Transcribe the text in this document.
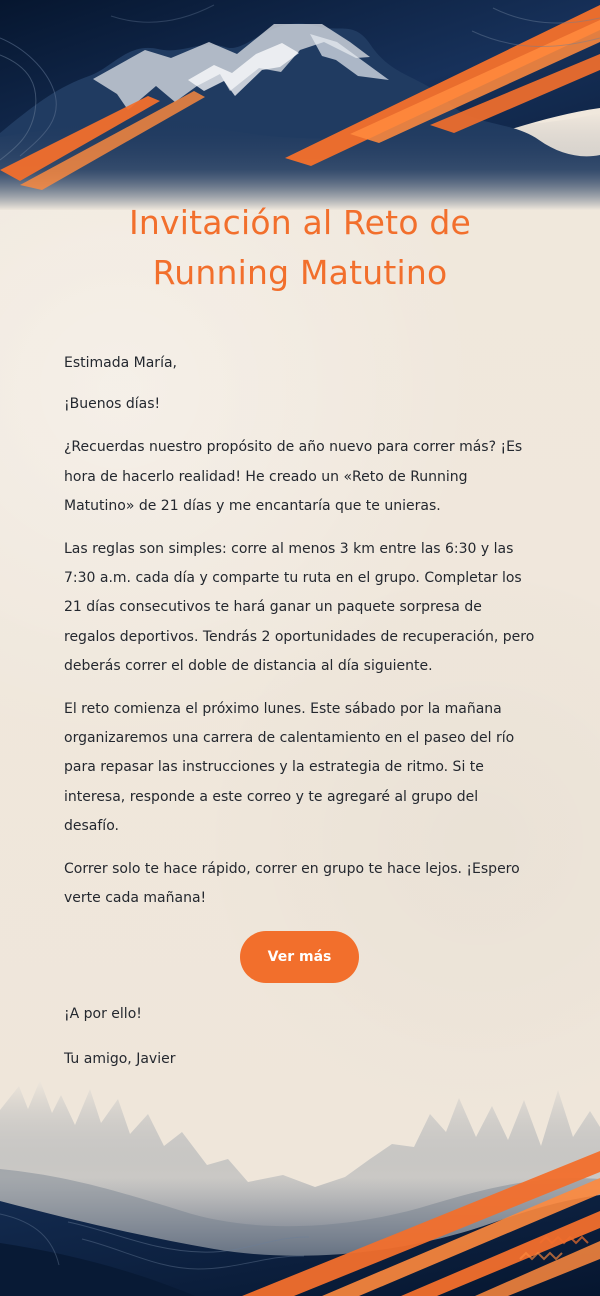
Invitación al Reto de Running Matutino

Estimada María,

¡Buenos días!

¿Recuerdas nuestro propósito de año nuevo para correr más? ¡Es hora de hacerlo realidad! He creado un «Reto de Running Matutino» de 21 días y me encantaría que te unieras.

Las reglas son simples: corre al menos 3 km entre las 6:30 y las 7:30 a.m. cada día y comparte tu ruta en el grupo. Completar los 21 días consecutivos te hará ganar un paquete sorpresa de regalos deportivos. Tendrás 2 oportunidades de recuperación, pero deberás correr el doble de distancia al día siguiente.

El reto comienza el próximo lunes. Este sábado por la mañana organizaremos una carrera de calentamiento en el paseo del río para repasar las instrucciones y la estrategia de ritmo. Si te interesa, responde a este correo y te agregaré al grupo del desafío.

Correr solo te hace rápido, correr en grupo te hace lejos. ¡Espero verte cada mañana!

Ver más

¡A por ello!

Tu amigo, Javier
